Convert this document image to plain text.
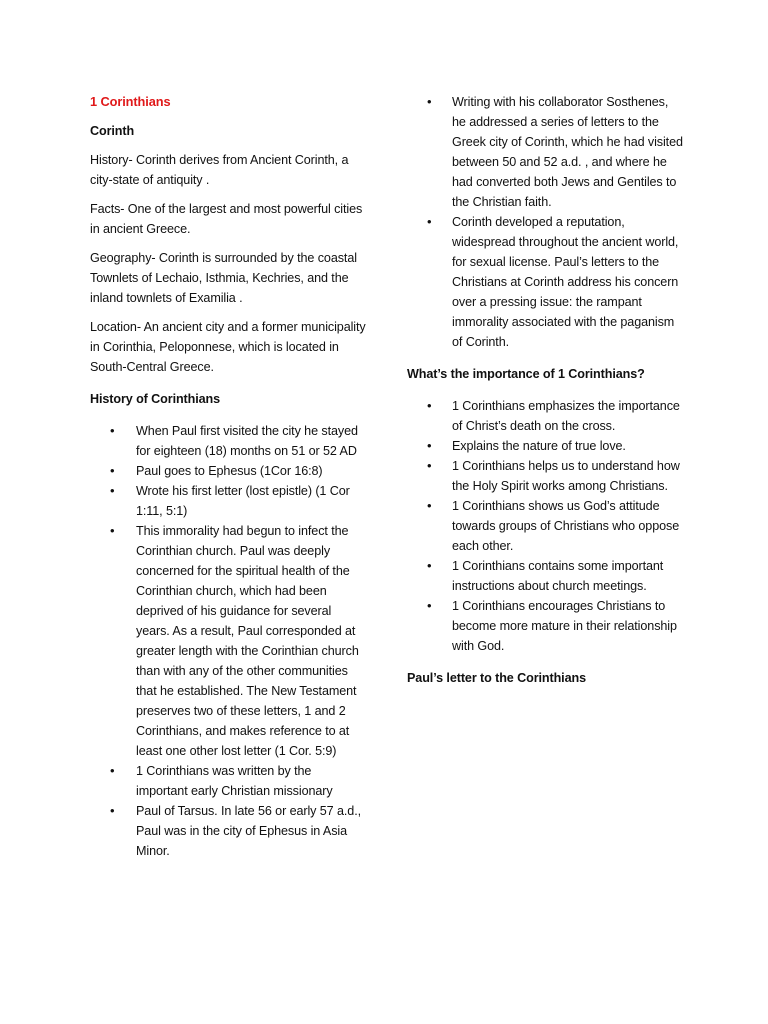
1 Corinthians
Corinth

History- Corinth derives from Ancient Corinth, a city-state of antiquity .

Facts- One of the largest and most powerful cities in ancient Greece.

Geography- Corinth is surrounded by the coastal Townlets of Lechaio, Isthmia, Kechries, and the inland townlets of Examilia .

Location- An ancient city and a former municipality in Corinthia, Peloponnese, which is located in South-Central Greece.

History of Corinthians
• When Paul first visited the city he stayed for eighteen (18) months on 51 or 52 AD
• Paul goes to Ephesus (1Cor 16:8)
• Wrote his first letter (lost epistle) (1 Cor 1:11, 5:1)
• This immorality had begun to infect the Corinthian church. Paul was deeply concerned for the spiritual health of the Corinthian church, which had been deprived of his guidance for several years. As a result, Paul corresponded at greater length with the Corinthian church than with any of the other communities that he established. The New Testament preserves two of these letters, 1 and 2 Corinthians, and makes reference to at least one other lost letter (1 Cor. 5:9)
• 1 Corinthians was written by the important early Christian missionary
• Paul of Tarsus. In late 56 or early 57 a.d., Paul was in the city of Ephesus in Asia Minor.
• Writing with his collaborator Sosthenes, he addressed a series of letters to the Greek city of Corinth, which he had visited between 50 and 52 a.d. , and where he had converted both Jews and Gentiles to the Christian faith.
• Corinth developed a reputation, widespread throughout the ancient world, for sexual license. Paul’s letters to the Christians at Corinth address his concern over a pressing issue: the rampant immorality associated with the paganism of Corinth.
What’s the importance of 1 Corinthians?
• 1 Corinthians emphasizes the importance of Christ’s death on the cross.
• Explains the nature of true love.
• 1 Corinthians helps us to understand how the Holy Spirit works among Christians.
• 1 Corinthians shows us God’s attitude towards groups of Christians who oppose each other.
• 1 Corinthians contains some important instructions about church meetings.
• 1 Corinthians encourages Christians to become more mature in their relationship with God.
Paul’s letter to the Corinthians
